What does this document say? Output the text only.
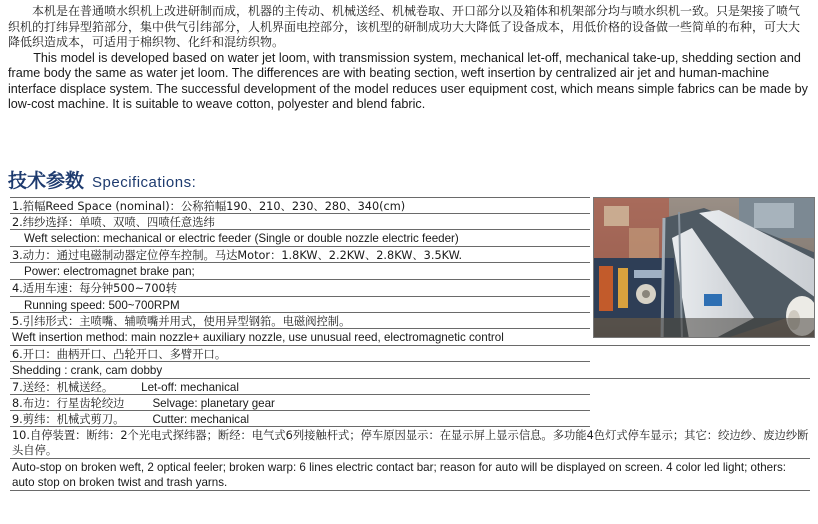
本机是在普通喷水织机上改进研制而成，机器的主传动、机械送经、机械卷取、开口部分以及箱体和机架部分均与喷水织机一致。只是架接了喷气织机的打纬异型筘部分，集中供气引纬部分，人机界面电控部分，该机型的研制成功大大降低了设备成本，用低价格的设备做一些简单的布种，可大大降低织造成本，可适用于棉织物、化纤和混纺织物。

This model is developed based on water jet loom, with transmission system, mechanical let-off, mechanical take-up, shedding section and frame body the same as water jet loom. The differences are with beating section, weft insertion by centralized air jet and human-machine interface displace system. The successful development of the model reduces user equipment cost, which means simple fabrics can be made by low-cost machine. It is suitable to weave cotton, polyester and blend fabric.

技术参数 Specifications:
1.筘幅Reed Space (nominal)：公称筘幅190、210、230、280、340(cm)
2.纬纱选择：单喷、双喷、四喷任意选纬
Weft selection: mechanical or electric feeder (Single or double nozzle electric feeder)
3.动力：通过电磁制动器定位停车控制。马达Motor：1.8KW、2.2KW、2.8KW、3.5KW.
Power: electromagnet brake pan;
4.适用车速：每分钟500~700转
Running speed: 500~700RPM
5.引纬形式：主喷嘴、辅喷嘴并用式，使用异型钢筘。电磁阀控制。
Weft insertion method: main nozzle+ auxiliary nozzle, use unusual reed, electromagnetic control
6.开口：曲柄开口、凸轮开口、多臂开口。
Shedding : crank, cam dobby
7.送经：机械送经。 Let-off: mechanical
8.布边：行星齿轮绞边 Selvage: planetary gear
9.剪纬：机械式剪刀。 Cutter: mechanical
10.自停装置：断纬：2个光电式探纬器；断经：电气式6列接触杆式；停车原因显示：在显示屏上显示信息。多功能4色灯式停车显示；其它：绞边纱、废边纱断头自停。
Auto-stop on broken weft, 2 optical feeler; broken warp: 6 lines electric contact bar; reason for auto will be displayed on screen. 4 color led light; others: auto stop on broken twist and trash yarns.
